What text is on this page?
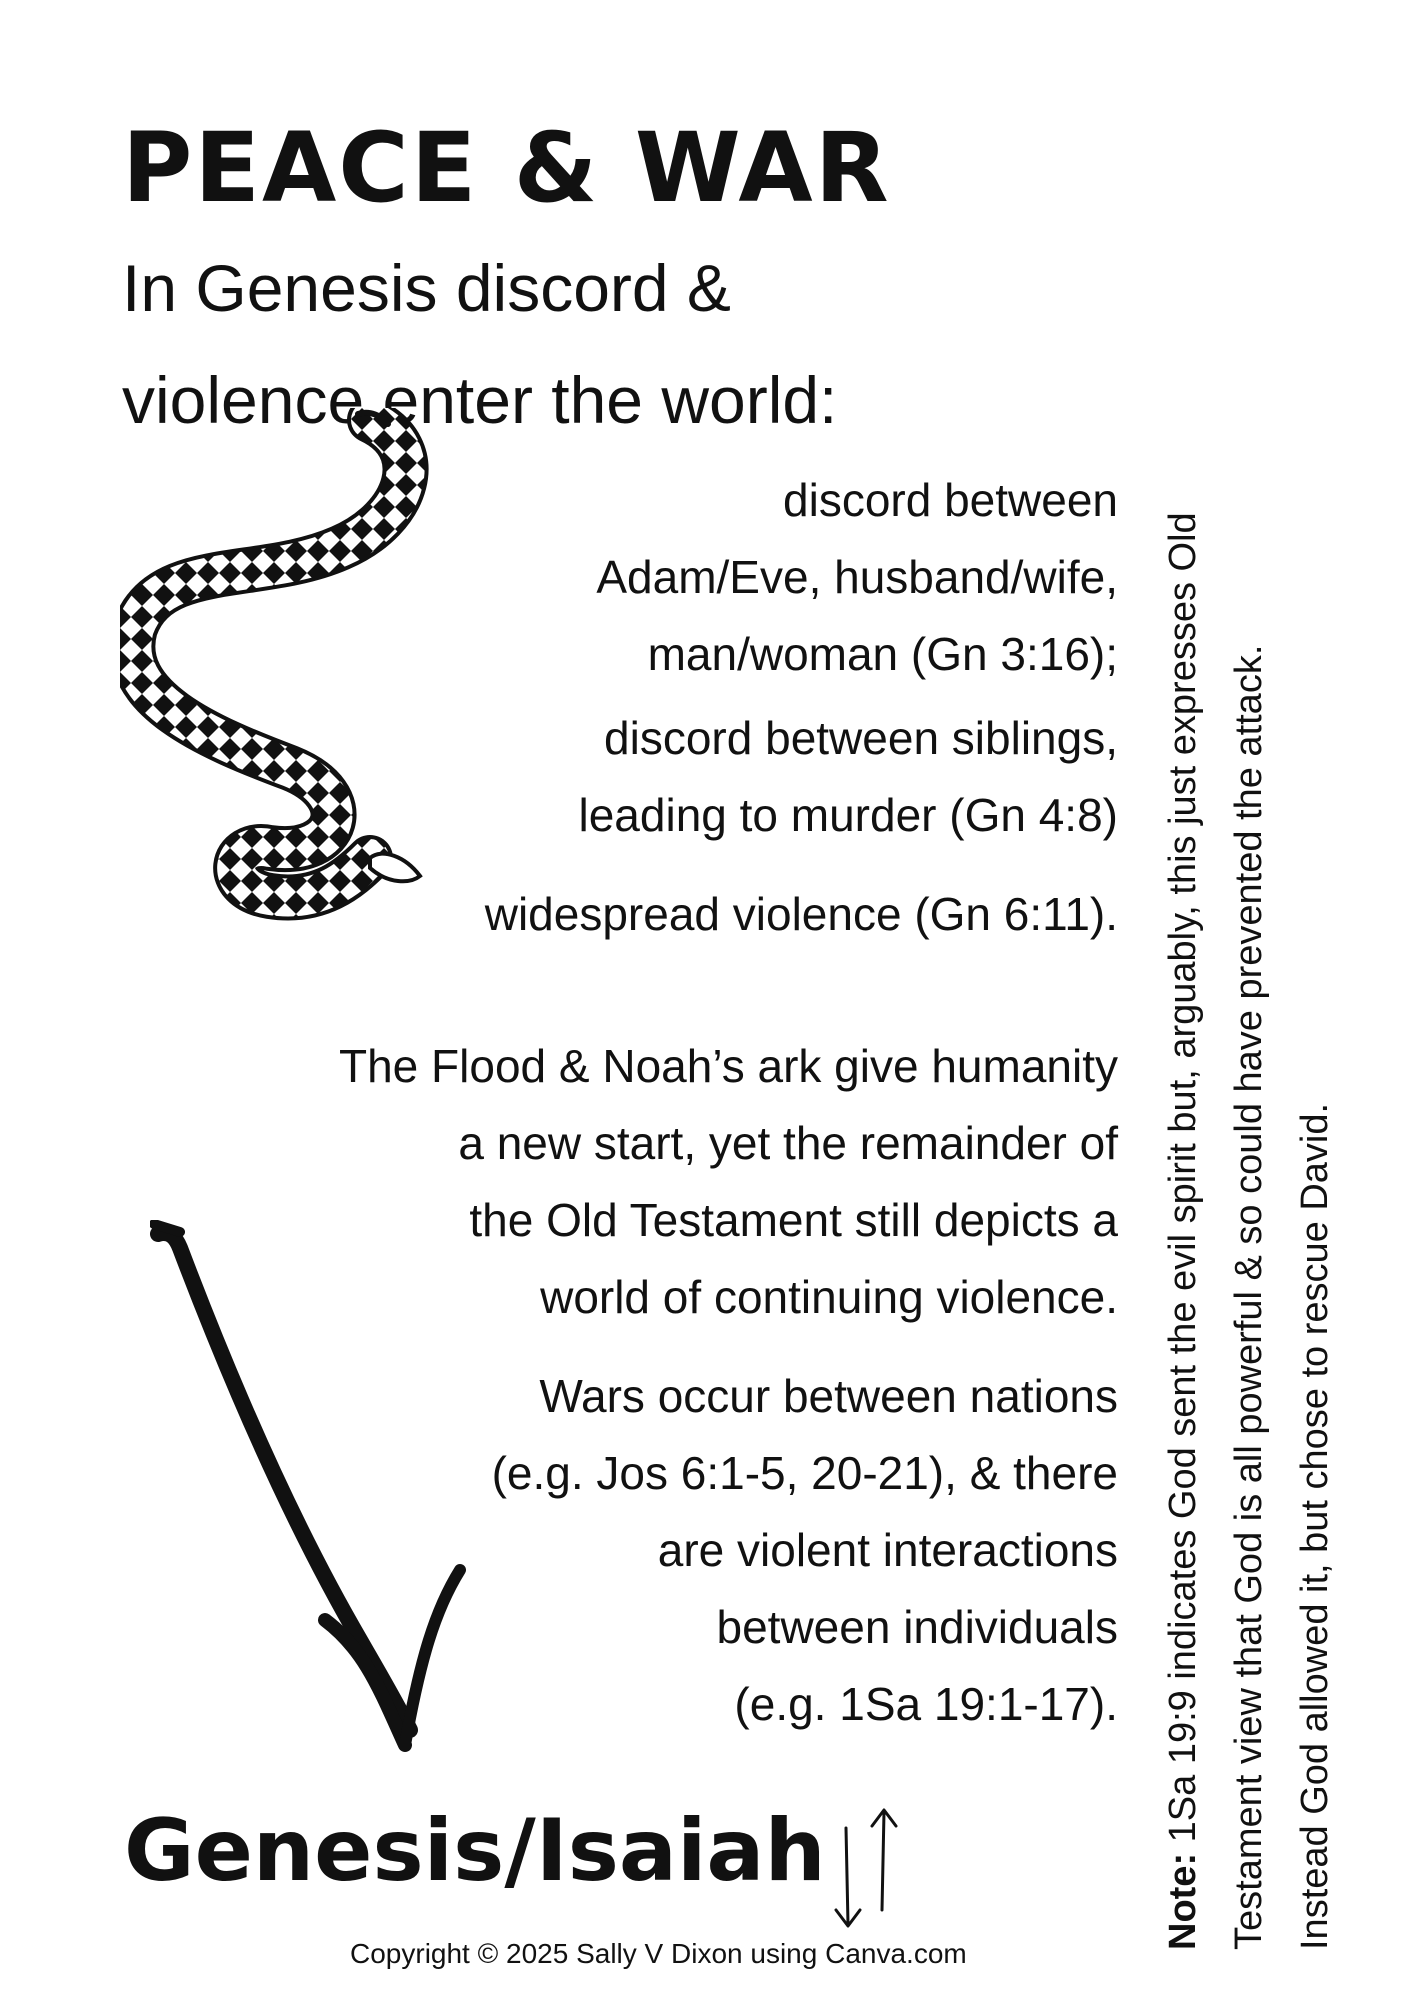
PEACE & WAR
In Genesis discord &
violence enter the world:
discord between
Adam/Eve, husband/wife,
man/woman (Gn 3:16);
discord between siblings,
leading to murder (Gn 4:8)
widespread violence (Gn 6:11).
The Flood & Noah’s ark give humanity
a new start, yet the remainder of
the Old Testament still depicts a
world of continuing violence.
Wars occur between nations
(e.g. Jos 6:1-5, 20-21), & there
are violent interactions
between individuals
(e.g. 1Sa 19:1-17).
Genesis/Isaiah
Copyright © 2025 Sally V Dixon using Canva.com
Note: 1Sa 19:9 indicates God sent the evil spirit but, arguably, this just expresses Old Testament view that God is all powerful & so could have prevented the attack. Instead God allowed it, but chose to rescue David.
